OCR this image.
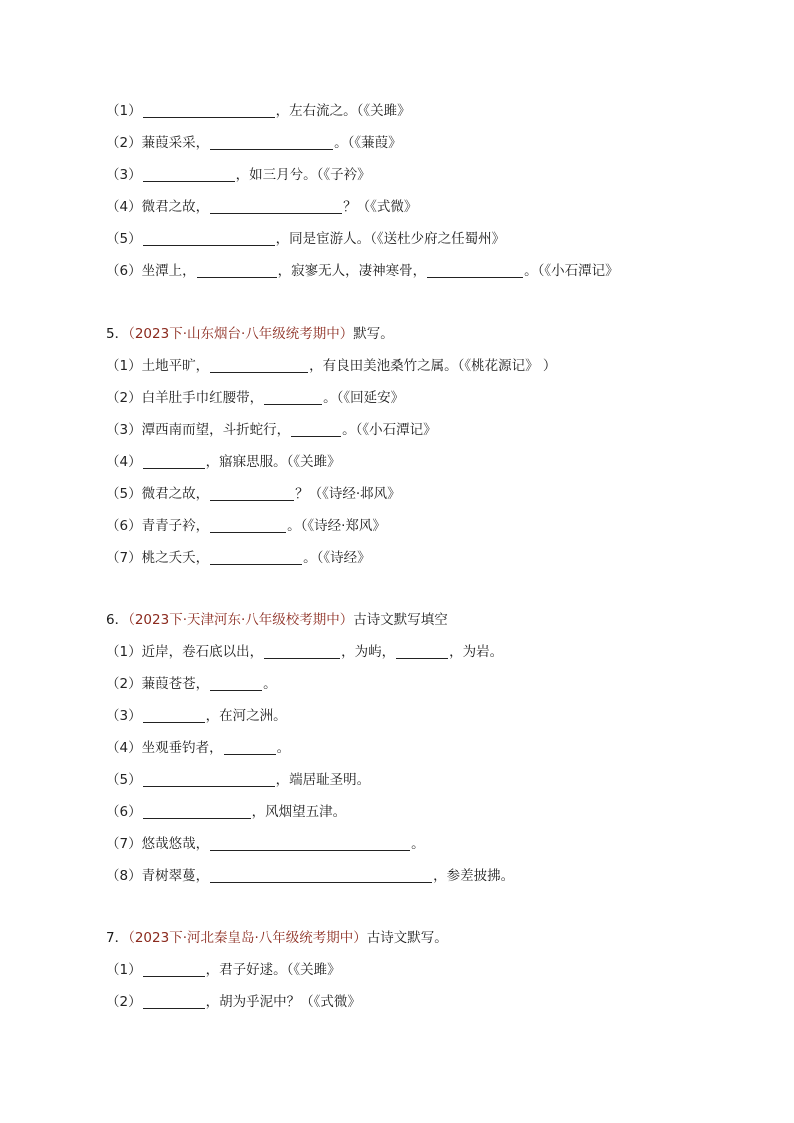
（1）	，左右流之。（《关雎》
（2）蒹葭采采，	。（《蒹葭》
（3）	，如三月兮。（《子衿》
（4）微君之故，	？（《式微》
（5）	，同是宦游人。（《送杜少府之任蜀州》
（6）坐潭上，	，寂寥无人，凄神寒骨，	。（《小石潭记》
5．（2023下·山东烟台·八年级统考期中）默写。
（1）土地平旷，	，有良田美池桑竹之属。（《桃花源记》 ）
（2）白羊肚手巾红腰带，	。（《回延安》
（3）潭西南而望，斗折蛇行，	。（《小石潭记》
（4）	，寤寐思服。（《关雎》
（5）微君之故，	？（《诗经·邶风》
（6）青青子衿，	。（《诗经·郑风》
（7）桃之夭夭，	。（《诗经》
6．（2023下·天津河东·八年级校考期中）古诗文默写填空
（1）近岸，卷石底以出，	，为屿，	，为岩。
（2）蒹葭苍苍，	。
（3）	，在河之洲。
（4）坐观垂钓者，	。
（5）	，端居耻圣明。
（6）	，风烟望五津。
（7）悠哉悠哉，	。
（8）青树翠蔓，	，参差披拂。
7．（2023下·河北秦皇岛·八年级统考期中）古诗文默写。
（1）	，君子好逑。（《关雎》
（2）	，胡为乎泥中？（《式微》
